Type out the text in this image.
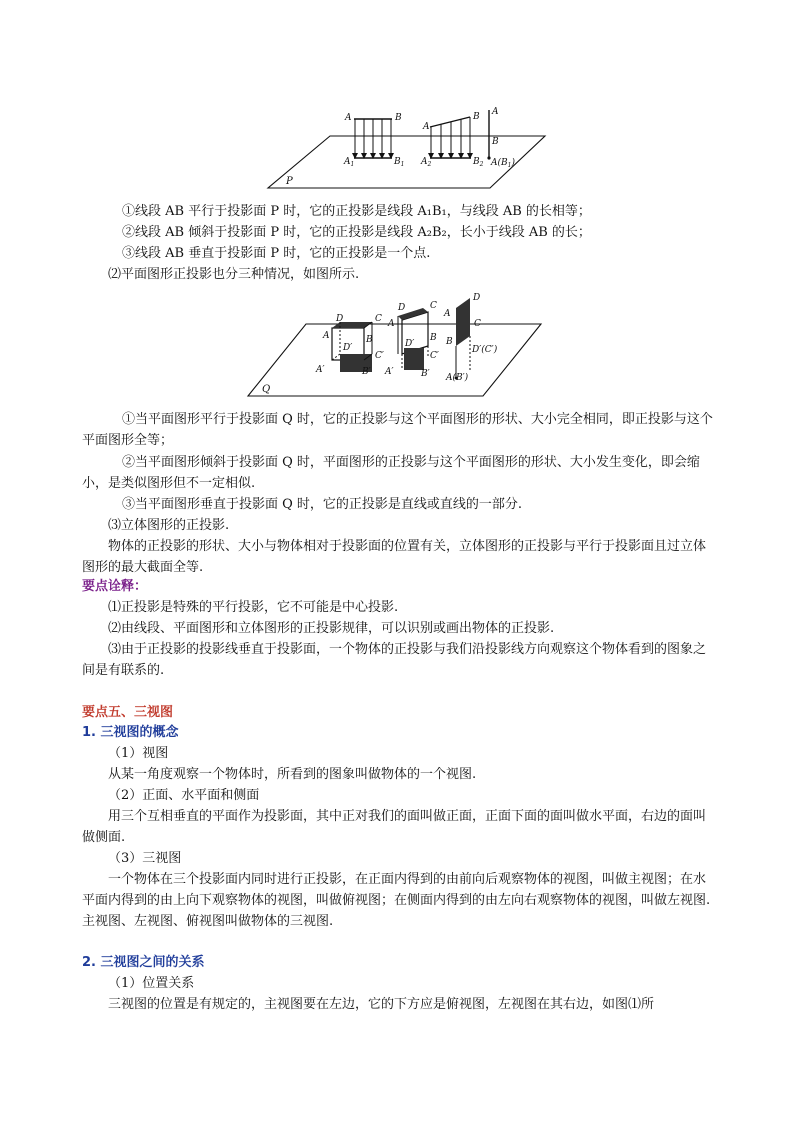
A	B
$A_1$	$B_1$
A
B
$A_2$	$B_2$
A
B
$A(B_1)$
P
①线段 AB 平行于投影面 P 时，它的正投影是线段 A₁B₁，与线段 AB 的长相等；
②线段 AB 倾斜于投影面 P 时，它的正投影是线段 A₂B₂，长小于线段 AB 的长；
③线段 AB 垂直于投影面 P 时，它的正投影是一个点.
⑵平面图形正投影也分三种情况，如图所示.
D	C
A	B
D′
C′
A′	B′
D	C
A
B
D′
C′
A′	B′
D
A
C
B
D′(C′)
A(B′)
Q
①当平面图形平行于投影面 Q 时，它的正投影与这个平面图形的形状、大小完全相同，即正投影与这个平面图形全等；
②当平面图形倾斜于投影面 Q 时，平面图形的正投影与这个平面图形的形状、大小发生变化，即会缩小，是类似图形但不一定相似.
③当平面图形垂直于投影面 Q 时，它的正投影是直线或直线的一部分.
⑶立体图形的正投影.
物体的正投影的形状、大小与物体相对于投影面的位置有关，立体图形的正投影与平行于投影面且过立体图形的最大截面全等.
要点诠释：
⑴正投影是特殊的平行投影，它不可能是中心投影.
⑵由线段、平面图形和立体图形的正投影规律，可以识别或画出物体的正投影.
⑶由于正投影的投影线垂直于投影面，一个物体的正投影与我们沿投影线方向观察这个物体看到的图象之间是有联系的.
要点五、三视图
1. 三视图的概念
（1）视图
从某一角度观察一个物体时，所看到的图象叫做物体的一个视图.
（2）正面、水平面和侧面
用三个互相垂直的平面作为投影面，其中正对我们的面叫做正面，正面下面的面叫做水平面，右边的面叫做侧面.
（3）三视图
一个物体在三个投影面内同时进行正投影，在正面内得到的由前向后观察物体的视图，叫做主视图；在水平面内得到的由上向下观察物体的视图，叫做俯视图；在侧面内得到的由左向右观察物体的视图，叫做左视图. 主视图、左视图、俯视图叫做物体的三视图.
2. 三视图之间的关系
（1）位置关系
三视图的位置是有规定的，主视图要在左边，它的下方应是俯视图，左视图在其右边，如图⑴所
